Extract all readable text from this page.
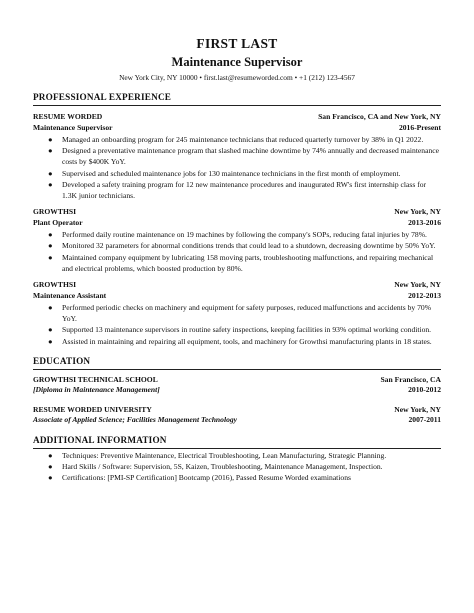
FIRST LAST
Maintenance Supervisor
New York City, NY 10000 • first.last@resumeworded.com • +1 (212) 123-4567
PROFESSIONAL EXPERIENCE
RESUME WORDED	San Francisco, CA and New York, NY
Maintenance Supervisor	2016-Present
● Managed an onboarding program for 245 maintenance technicians that reduced quarterly turnover by 38% in Q1 2022.
● Designed a preventative maintenance program that slashed machine downtime by 74% annually and decreased maintenance costs by $400K YoY.
● Supervised and scheduled maintenance jobs for 130 maintenance technicians in the first month of employment.
● Developed a safety training program for 12 new maintenance procedures and inaugurated RW's first internship class for 1.3K junior technicians.
GROWTHSI	New York, NY
Plant Operator	2013-2016
● Performed daily routine maintenance on 19 machines by following the company's SOPs, reducing fatal injuries by 78%.
● Monitored 32 parameters for abnormal conditions trends that could lead to a shutdown, decreasing downtime by 50% YoY.
● Maintained company equipment by lubricating 158 moving parts, troubleshooting malfunctions, and repairing mechanical and electrical problems, which boosted production by 80%.
GROWTHSI	New York, NY
Maintenance Assistant	2012-2013
● Performed periodic checks on machinery and equipment for safety purposes, reduced malfunctions and accidents by 70% YoY.
● Supported 13 maintenance supervisors in routine safety inspections, keeping facilities in 93% optimal working condition.
● Assisted in maintaining and repairing all equipment, tools, and machinery for Growthsi manufacturing plants in 18 states.
EDUCATION
GROWTHSI TECHNICAL SCHOOL	San Francisco, CA
[Diploma in Maintenance Management]	2010-2012
RESUME WORDED UNIVERSITY	New York, NY
Associate of Applied Science; Facilities Management Technology	2007-2011
ADDITIONAL INFORMATION
● Techniques: Preventive Maintenance, Electrical Troubleshooting, Lean Manufacturing, Strategic Planning.
● Hard Skills / Software: Supervision, 5S, Kaizen, Troubleshooting, Maintenance Management, Inspection.
● Certifications: [PMI-SP Certification] Bootcamp (2016), Passed Resume Worded examinations
